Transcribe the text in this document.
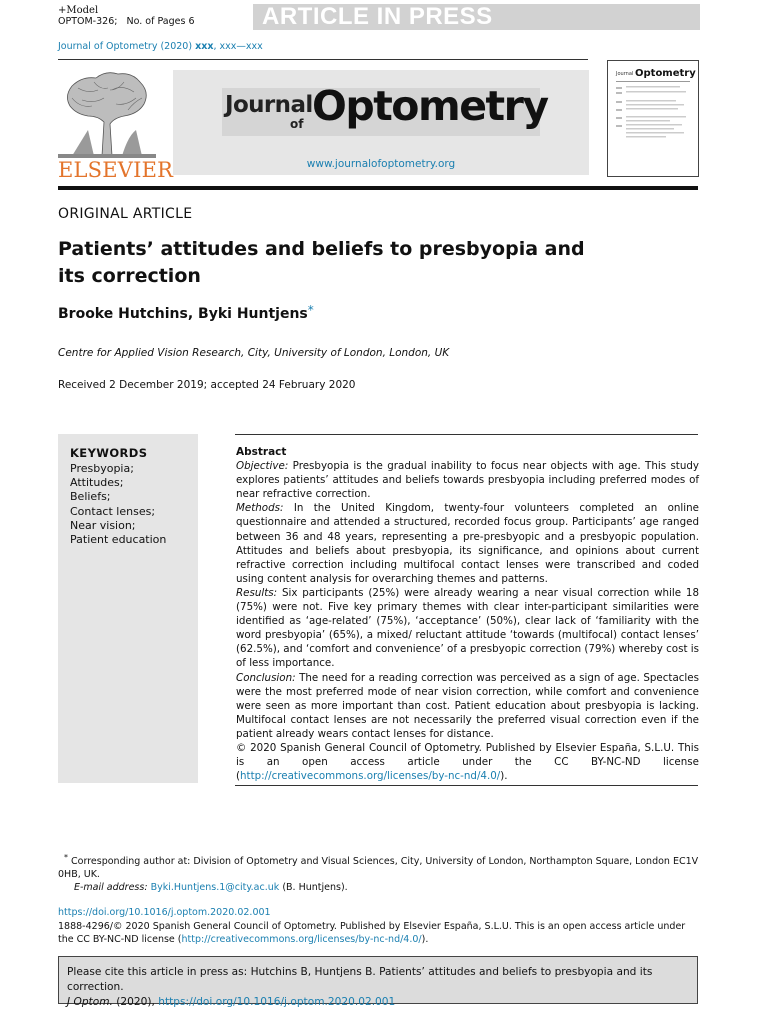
+Model
OPTOM-326; No. of Pages 6	ARTICLE IN PRESS
Journal of Optometry (2020) xxx, xxx—xxx
ELSEVIER
Journal
of Optometry
www.journalofoptometry.org
Journal Optometry
ORIGINAL ARTICLE
Patients’ attitudes and beliefs to presbyopia and its correction
Brooke Hutchins, Byki Huntjens*
Centre for Applied Vision Research, City, University of London, London, UK
Received 2 December 2019; accepted 24 February 2020
KEYWORDS
Presbyopia;
Attitudes;
Beliefs;
Contact lenses;
Near vision;
Patient education
Abstract

Objective: Presbyopia is the gradual inability to focus near objects with age. This study explores patients’ attitudes and beliefs towards presbyopia including preferred modes of near refractive correction.

Methods: In the United Kingdom, twenty-four volunteers completed an online questionnaire and attended a structured, recorded focus group. Participants’ age ranged between 36 and 48 years, representing a pre-presbyopic and a presbyopic population. Attitudes and beliefs about presbyopia, its significance, and opinions about current refractive correction including multifocal contact lenses were transcribed and coded using content analysis for overarching themes and patterns.

Results: Six participants (25%) were already wearing a near visual correction while 18 (75%) were not. Five key primary themes with clear inter-participant similarities were identified as ‘age-related’ (75%), ‘acceptance’ (50%), clear lack of ‘familiarity with the word presbyopia’ (65%), a mixed/ reluctant attitude ‘towards (multifocal) contact lenses’ (62.5%), and ‘comfort and convenience’ of a presbyopic correction (79%) whereby cost is of less importance.

Conclusion: The need for a reading correction was perceived as a sign of age. Spectacles were the most preferred mode of near vision correction, while comfort and convenience were seen as more important than cost. Patient education about presbyopia is lacking. Multifocal contact lenses are not necessarily the preferred visual correction even if the patient already wears contact lenses for distance.

© 2020 Spanish General Council of Optometry. Published by Elsevier España, S.L.U. This is an open access article under the CC BY-NC-ND license (http://creativecommons.org/licenses/by-nc-nd/4.0/).

* Corresponding author at: Division of Optometry and Visual Sciences, City, University of London, Northampton Square, London EC1V 0HB, UK.

E-mail address: Byki.Huntjens.1@city.ac.uk (B. Huntjens).

https://doi.org/10.1016/j.optom.2020.02.001
1888-4296/© 2020 Spanish General Council of Optometry. Published by Elsevier España, S.L.U. This is an open access article under the CC BY-NC-ND license (http://creativecommons.org/licenses/by-nc-nd/4.0/).
Please cite this article in press as: Hutchins B, Huntjens B. Patients’ attitudes and beliefs to presbyopia and its correction.
J Optom. (2020), https://doi.org/10.1016/j.optom.2020.02.001
